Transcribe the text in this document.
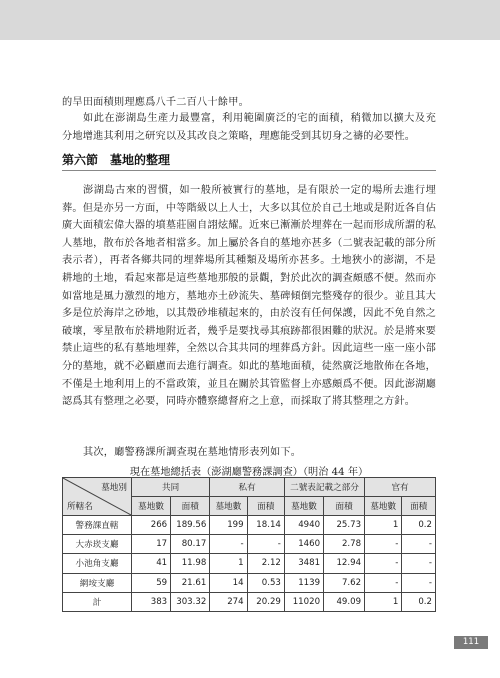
的旱田面積則理應爲八千二百八十餘甲。

如此在澎湖島生產力最豐富，利用範圍廣泛的宅的面積，稍微加以擴大及充分地增進其利用之研究以及其改良之策略，理應能受到其切身之禱的必要性。

第六節　墓地的整理

澎湖島古來的習慣，如一般所被實行的墓地，是有限於一定的場所去進行埋葬。但是亦另一方面，中等階級以上人士，大多以其位於自己土地或是附近各自佔廣大面積宏偉大器的墳墓莊園自詡炫耀。近來已漸漸於埋葬在一起而形成所謂的私人墓地，散布於各地者相當多。加上屬於各自的墓地亦甚多（二號表記載的部分所表示者），再者各鄉共同的埋葬場所其種類及場所亦甚多。土地狹小的澎湖，不是耕地的土地，看起來都是這些墓地那般的景觀，對於此次的調查頗感不便。然而亦如當地是風力激烈的地方，墓地亦土砂流失、墓碑傾倒完整殘存的很少。並且其大多是位於海岸之砂地，以其殼砂堆積起來的，由於沒有任何保護，因此不免自然之破壞，零星散布於耕地附近者，幾乎是要找尋其痕跡都很困難的狀況。於是將來要禁止這些的私有墓地埋葬，全然以合其共同的埋葬爲方針。因此這些一座一座小部分的墓地，就不必顧慮而去進行調查。如此的墓地面積，徒然廣泛地散佈在各地，不僅是土地利用上的不當政策，並且在關於其管監督上亦感頗爲不便。因此澎湖廳認爲其有整理之必要，同時亦體察總督府之上意，而採取了將其整理之方針。

其次，廳警務課所調查現在墓地情形表列如下。

現在墓地總括表（澎湖廳警務課調查）（明治 44 年）
墓地別
所轄名	共同		私有		二號表記載之部分		官有	
	墓地數	面積	墓地數	面積	墓地數	面積	墓地數	面積
警務課直轄	266	189.56	199	18.14	4940	25.73	1	0.2
大赤崁支廳	17	80.17	-	-	1460	2.78	-	-
小池角支廳	41	11.98	1	2.12	3481	12.94	-	-
網垵支廳	59	21.61	14	0.53	1139	7.62	-	-
計	383	303.32	274	20.29	11020	49.09	1	0.2
111
